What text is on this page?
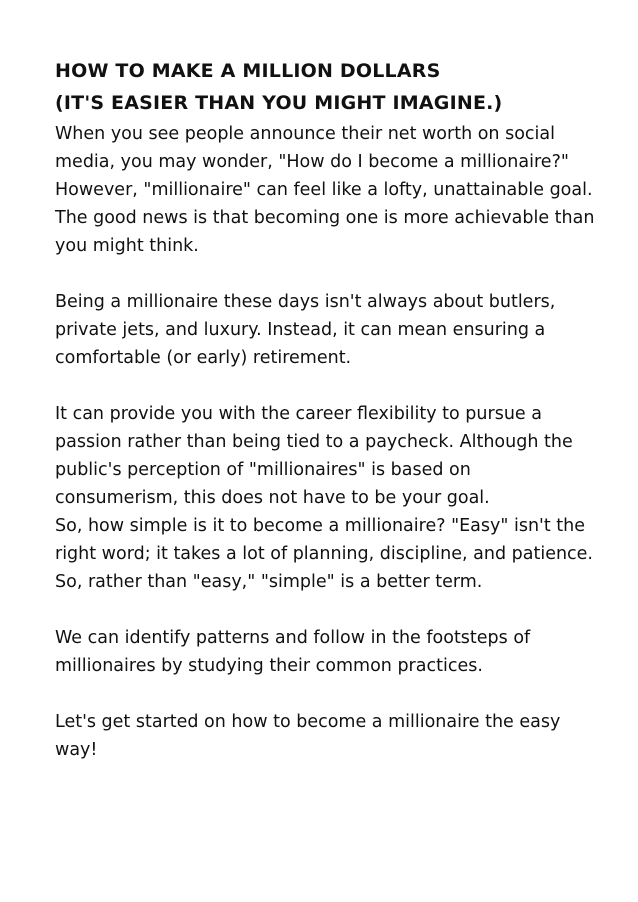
HOW TO MAKE A MILLION DOLLARS
(IT'S EASIER THAN YOU MIGHT IMAGINE.)

When you see people announce their net worth on social media, you may wonder, "How do I become a millionaire?" However, "millionaire" can feel like a lofty, unattainable goal. The good news is that becoming one is more achievable than you might think.

Being a millionaire these days isn't always about butlers, private jets, and luxury. Instead, it can mean ensuring a comfortable (or early) retirement.

It can provide you with the career flexibility to pursue a passion rather than being tied to a paycheck. Although the public's perception of "millionaires" is based on consumerism, this does not have to be your goal.

So, how simple is it to become a millionaire? "Easy" isn't the right word; it takes a lot of planning, discipline, and patience. So, rather than "easy," "simple" is a better term.

We can identify patterns and follow in the footsteps of millionaires by studying their common practices.

Let's get started on how to become a millionaire the easy way!
